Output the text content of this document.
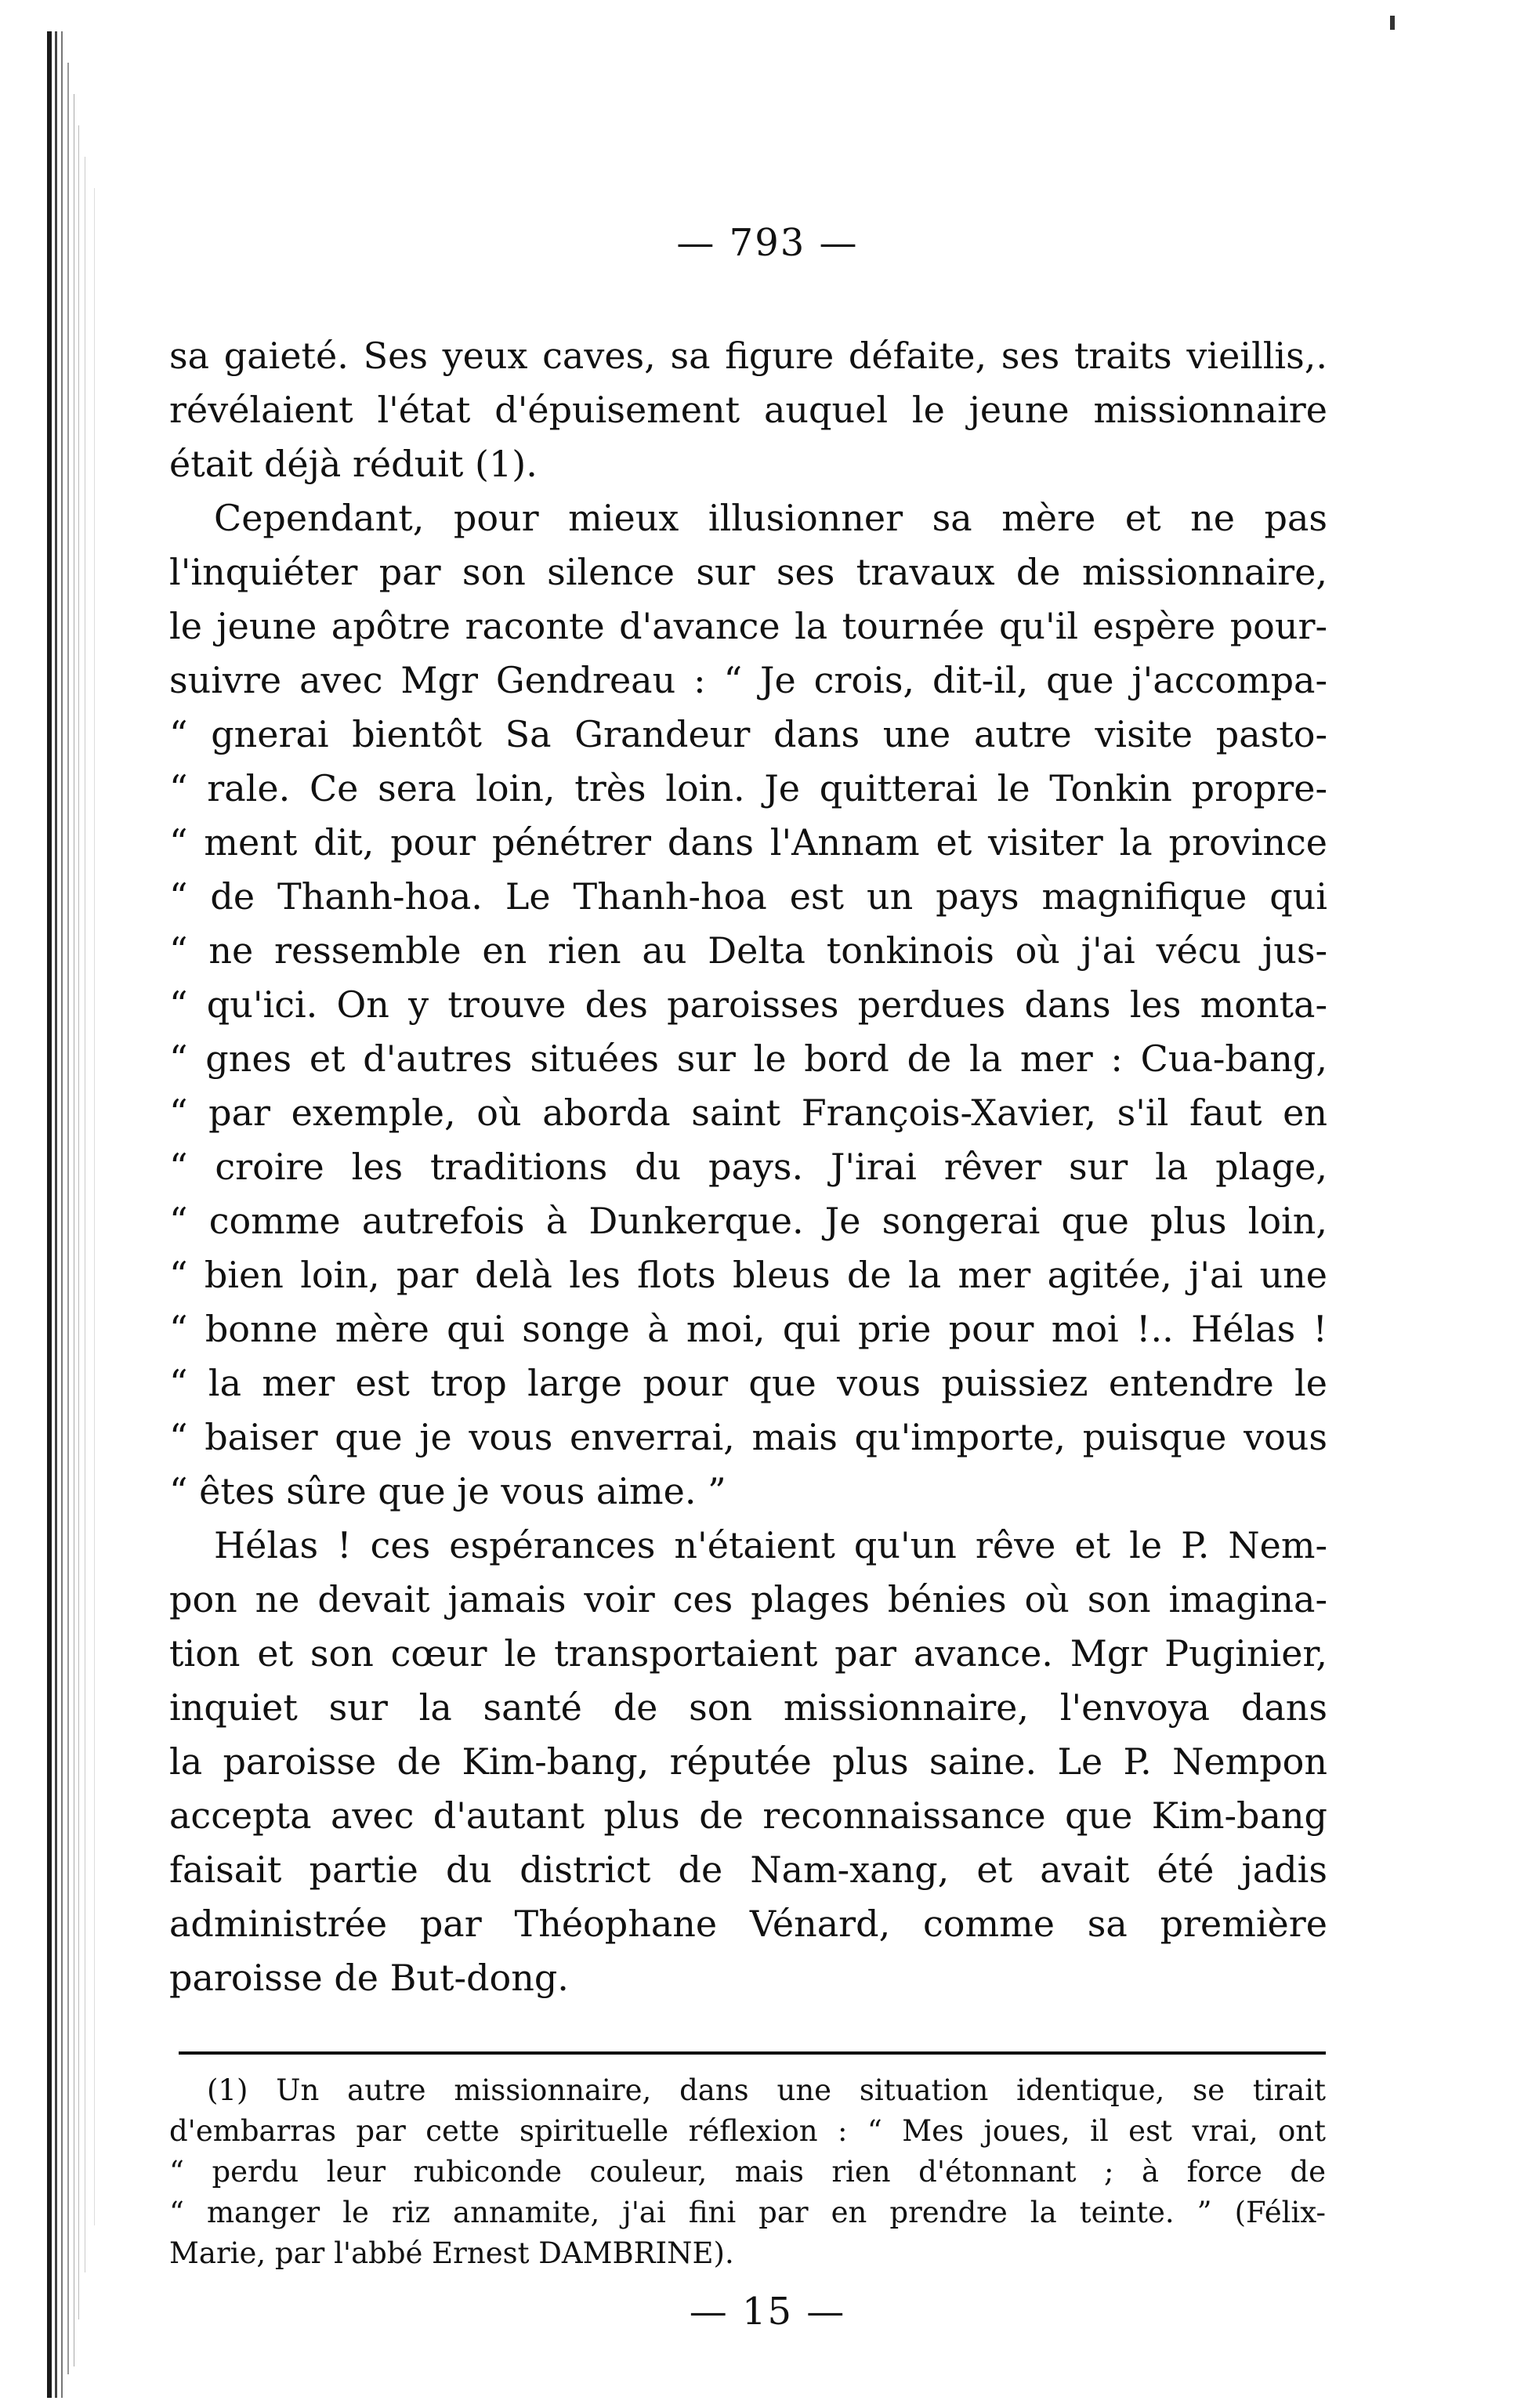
— 793 —
sa gaieté. Ses yeux caves, sa figure défaite, ses traits vieillis,.
révélaient l'état d'épuisement auquel le jeune missionnaire
était déjà réduit (1).
Cependant, pour mieux illusionner sa mère et ne pas
l'inquiéter par son silence sur ses travaux de missionnaire,
le jeune apôtre raconte d'avance la tournée qu'il espère pour-
suivre avec Mgr Gendreau : “ Je crois, dit-il, que j'accompa-
“ gnerai bientôt Sa Grandeur dans une autre visite pasto-
“ rale. Ce sera loin, très loin. Je quitterai le Tonkin propre-
“ ment dit, pour pénétrer dans l'Annam et visiter la province
“ de Thanh-hoa. Le Thanh-hoa est un pays magnifique qui
“ ne ressemble en rien au Delta tonkinois où j'ai vécu jus-
“ qu'ici. On y trouve des paroisses perdues dans les monta-
“ gnes et d'autres situées sur le bord de la mer : Cua-bang,
“ par exemple, où aborda saint François-Xavier, s'il faut en
“ croire les traditions du pays. J'irai rêver sur la plage,
“ comme autrefois à Dunkerque. Je songerai que plus loin,
“ bien loin, par delà les flots bleus de la mer agitée, j'ai une
“ bonne mère qui songe à moi, qui prie pour moi !.. Hélas !
“ la mer est trop large pour que vous puissiez entendre le
“ baiser que je vous enverrai, mais qu'importe, puisque vous
“ êtes sûre que je vous aime. ”
Hélas ! ces espérances n'étaient qu'un rêve et le P. Nem-
pon ne devait jamais voir ces plages bénies où son imagina-
tion et son cœur le transportaient par avance. Mgr Puginier,
inquiet sur la santé de son missionnaire, l'envoya dans
la paroisse de Kim-bang, réputée plus saine. Le P. Nempon
accepta avec d'autant plus de reconnaissance que Kim-bang
faisait partie du district de Nam-xang, et avait été jadis
administrée par Théophane Vénard, comme sa première
paroisse de But-dong.
(1) Un autre missionnaire, dans une situation identique, se tirait
d'embarras par cette spirituelle réflexion : “ Mes joues, il est vrai, ont
“ perdu leur rubiconde couleur, mais rien d'étonnant ; à force de
“ manger le riz annamite, j'ai fini par en prendre la teinte. ” (Félix-
Marie, par l'abbé Ernest DAMBRINE).
— 15 —
